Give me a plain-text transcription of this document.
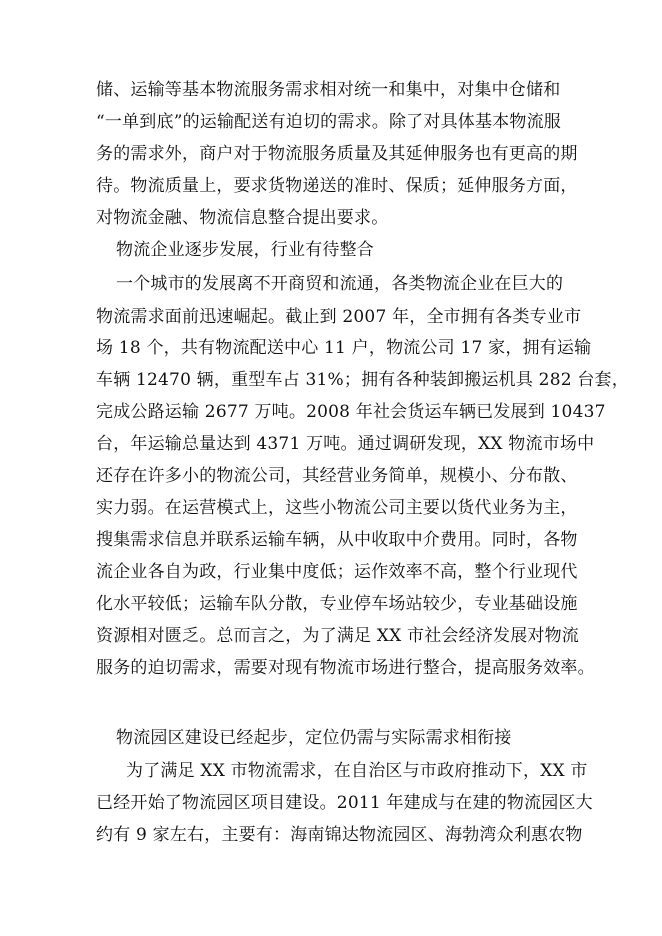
储、运输等基本物流服务需求相对统一和集中，对集中仓储和
“一单到底”的运输配送有迫切的需求。除了对具体基本物流服
务的需求外，商户对于物流服务质量及其延伸服务也有更高的期
待。物流质量上，要求货物递送的准时、保质；延伸服务方面，
对物流金融、物流信息整合提出要求。
物流企业逐步发展，行业有待整合
一个城市的发展离不开商贸和流通，各类物流企业在巨大的
物流需求面前迅速崛起。截止到 2007 年，全市拥有各类专业市
场 18 个，共有物流配送中心 11 户，物流公司 17 家，拥有运输
车辆 12470 辆，重型车占 31%；拥有各种装卸搬运机具 282 台套，
完成公路运输 2677 万吨。2008 年社会货运车辆已发展到 10437
台，年运输总量达到 4371 万吨。通过调研发现，XX 物流市场中
还存在许多小的物流公司，其经营业务简单，规模小、分布散、
实力弱。在运营模式上，这些小物流公司主要以货代业务为主，
搜集需求信息并联系运输车辆，从中收取中介费用。同时，各物
流企业各自为政，行业集中度低；运作效率不高，整个行业现代
化水平较低；运输车队分散，专业停车场站较少，专业基础设施
资源相对匮乏。总而言之，为了满足 XX 市社会经济发展对物流
服务的迫切需求，需要对现有物流市场进行整合，提高服务效率。
物流园区建设已经起步，定位仍需与实际需求相衔接
为了满足 XX 市物流需求，在自治区与市政府推动下，XX 市
已经开始了物流园区项目建设。2011 年建成与在建的物流园区大
约有 9 家左右，主要有：海南锦达物流园区、海勃湾众利惠农物
